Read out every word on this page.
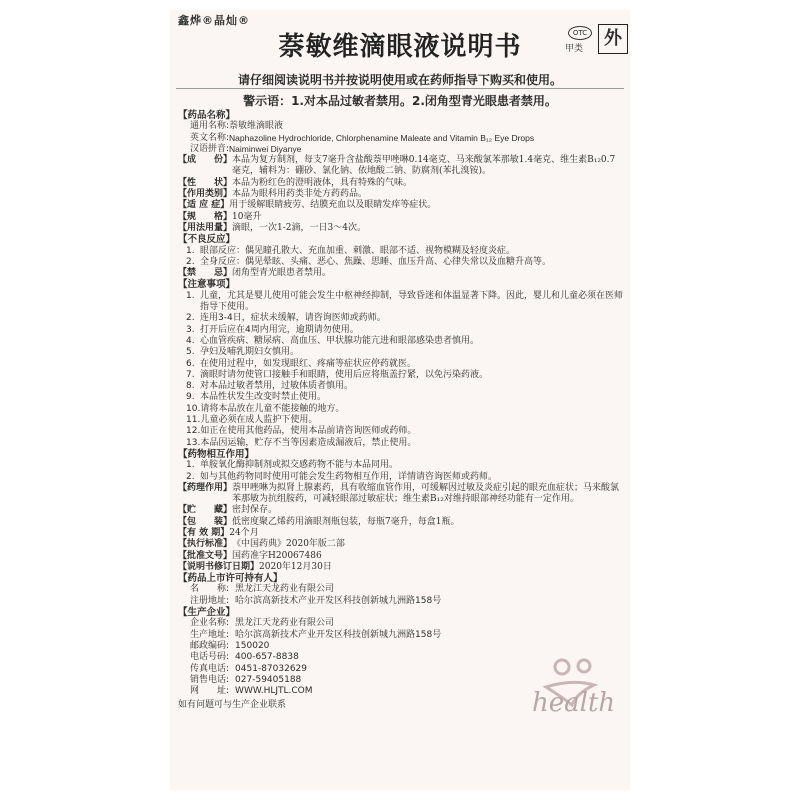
鑫烨®晶灿®
萘敏维滴眼液说明书	OTC
甲类	外
请仔细阅读说明书并按说明使用或在药师指导下购买和使用。
警示语：1.对本品过敏者禁用。2.闭角型青光眼患者禁用。
【药品名称】
通用名称: 萘敏维滴眼液
英文名称: Naphazoline Hydrochloride, Chlorphenamine Maleate and Vitamin B₁₂ Eye Drops
汉语拼音: Naiminwei Diyanye
【成　　份】 本品为复方制剂，每支7毫升含盐酸萘甲唑啉0.14毫克、马来酸氯苯那敏1.4毫克、维生素B₁₂0.7毫克，辅料为：硼砂、氯化钠、依地酸二钠、防腐剂(苯扎溴铵)。
【性　　状】 本品为粉红色的澄明液体，具有特殊的气味。
【作用类别】 本品为眼科用药类非处方药药品。
【适 应 症】 用于缓解眼睛疲劳、结膜充血以及眼睛发痒等症状。
【规　　格】 10毫升
【用法用量】 滴眼，一次1-2滴，一日3～4次。
【不良反应】
1. 眼部反应：偶见瞳孔散大、充血加重、刺激、眼部不适、视物模糊及轻度炎症。
2. 全身反应：偶见晕眩、头痛、恶心、焦躁、思睡、血压升高、心律失常以及血糖升高等。
【禁　　忌】 闭角型青光眼患者禁用。
【注意事项】
1. 儿童，尤其是婴儿使用可能会发生中枢神经抑制，导致昏迷和体温显著下降。因此，婴儿和儿童必须在医师指导下使用。
2. 连用3-4日，症状未缓解，请咨询医师或药师。
3. 打开后应在4周内用完，逾期请勿使用。
4. 心血管疾病、糖尿病、高血压、甲状腺功能亢进和眼部感染患者慎用。
5. 孕妇及哺乳期妇女慎用。
6. 在使用过程中，如发现眼红、疼痛等症状应停药就医。
7. 滴眼时请勿使管口接触手和眼睛，使用后应将瓶盖拧紧，以免污染药液。
8. 对本品过敏者禁用，过敏体质者慎用。
9. 本品性状发生改变时禁止使用。
10. 请将本品放在儿童不能接触的地方。
11. 儿童必须在成人监护下使用。
12. 如正在使用其他药品，使用本品前请咨询医师或药师。
13. 本品因运输，贮存不当等因素造成漏液后，禁止使用。
【药物相互作用】
1. 单胺氧化酶抑制剂或拟交感药物不能与本品同用。
2. 如与其他药物同时使用可能会发生药物相互作用，详情请咨询医师或药师。
【药理作用】 萘甲唑啉为拟肾上腺素药，具有收缩血管作用，可缓解因过敏及炎症引起的眼充血症状；马来酸氯苯那敏为抗组胺药，可减轻眼部过敏症状；维生素B₁₂对维持眼部神经功能有一定作用。
【贮　　藏】 密封保存。
【包　　装】 低密度聚乙烯药用滴眼剂瓶包装，每瓶7毫升，每盒1瓶。
【有 效 期】 24个月
【执行标准】 《中国药典》2020年版二部
【批准文号】 国药准字H20067486
【说明书修订日期】 2020年12月30日
【药品上市许可持有人】
名　　称: 黑龙江天龙药业有限公司
注册地址: 哈尔滨高新技术产业开发区科技创新城九洲路158号
【生产企业】
企业名称: 黑龙江天龙药业有限公司
生产地址: 哈尔滨高新技术产业开发区科技创新城九洲路158号
邮政编码: 150020
电话号码: 400-657-8838
传真电话: 0451-87032629
销售电话: 027-59405188
网　　址: WWW.HLJTL.COM
如有问题可与生产企业联系	health
